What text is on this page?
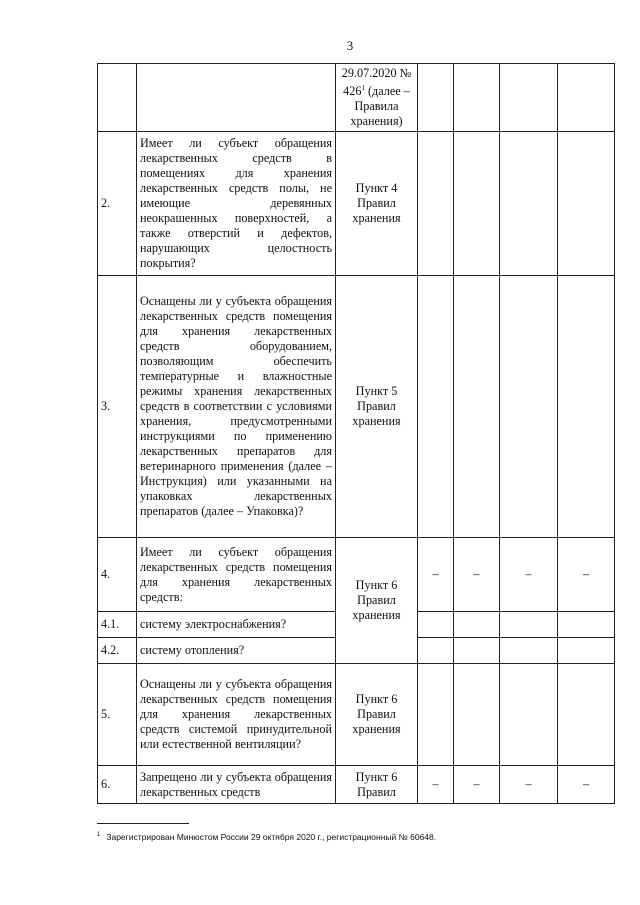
3
		29.07.2020 № $426^1$ (далее – Правила хранения)				
2.	Имеет ли субъект обращения лекарственных средств в помещениях для хранения лекарственных средств полы, не имеющие деревянных неокрашенных поверхностей, а также отверстий и дефектов, нарушающих целостность покрытия?	Пункт 4 Правил хранения				
3.	Оснащены ли у субъекта обращения лекарственных средств помещения для хранения лекарственных средств оборудованием, позволяющим обеспечить температурные и влажностные режимы хранения лекарственных средств в соответствии с условиями хранения, предусмотренными инструкциями по применению лекарственных препаратов для ветеринарного применения (далее – Инструкция) или указанными на упаковках лекарственных препаратов (далее – Упаковка)?	Пункт 5 Правил хранения				
4.	Имеет ли субъект обращения лекарственных средств помещения для хранения лекарственных средств:	Пункт 6 Правил хранения	–	–	–	–
4.1.	систему электроснабжения?					
4.2.	систему отопления?					
5.	Оснащены ли у субъекта обращения лекарственных средств помещения для хранения лекарственных средств системой принудительной или естественной вентиляции?	Пункт 6 Правил хранения				
6.	Запрещено ли у субъекта обращения лекарственных средств	Пункт 6 Правил	–	–	–	–
$^1$ Зарегистрирован Минюстом России 29 октября 2020 г., регистрационный № 60648.
